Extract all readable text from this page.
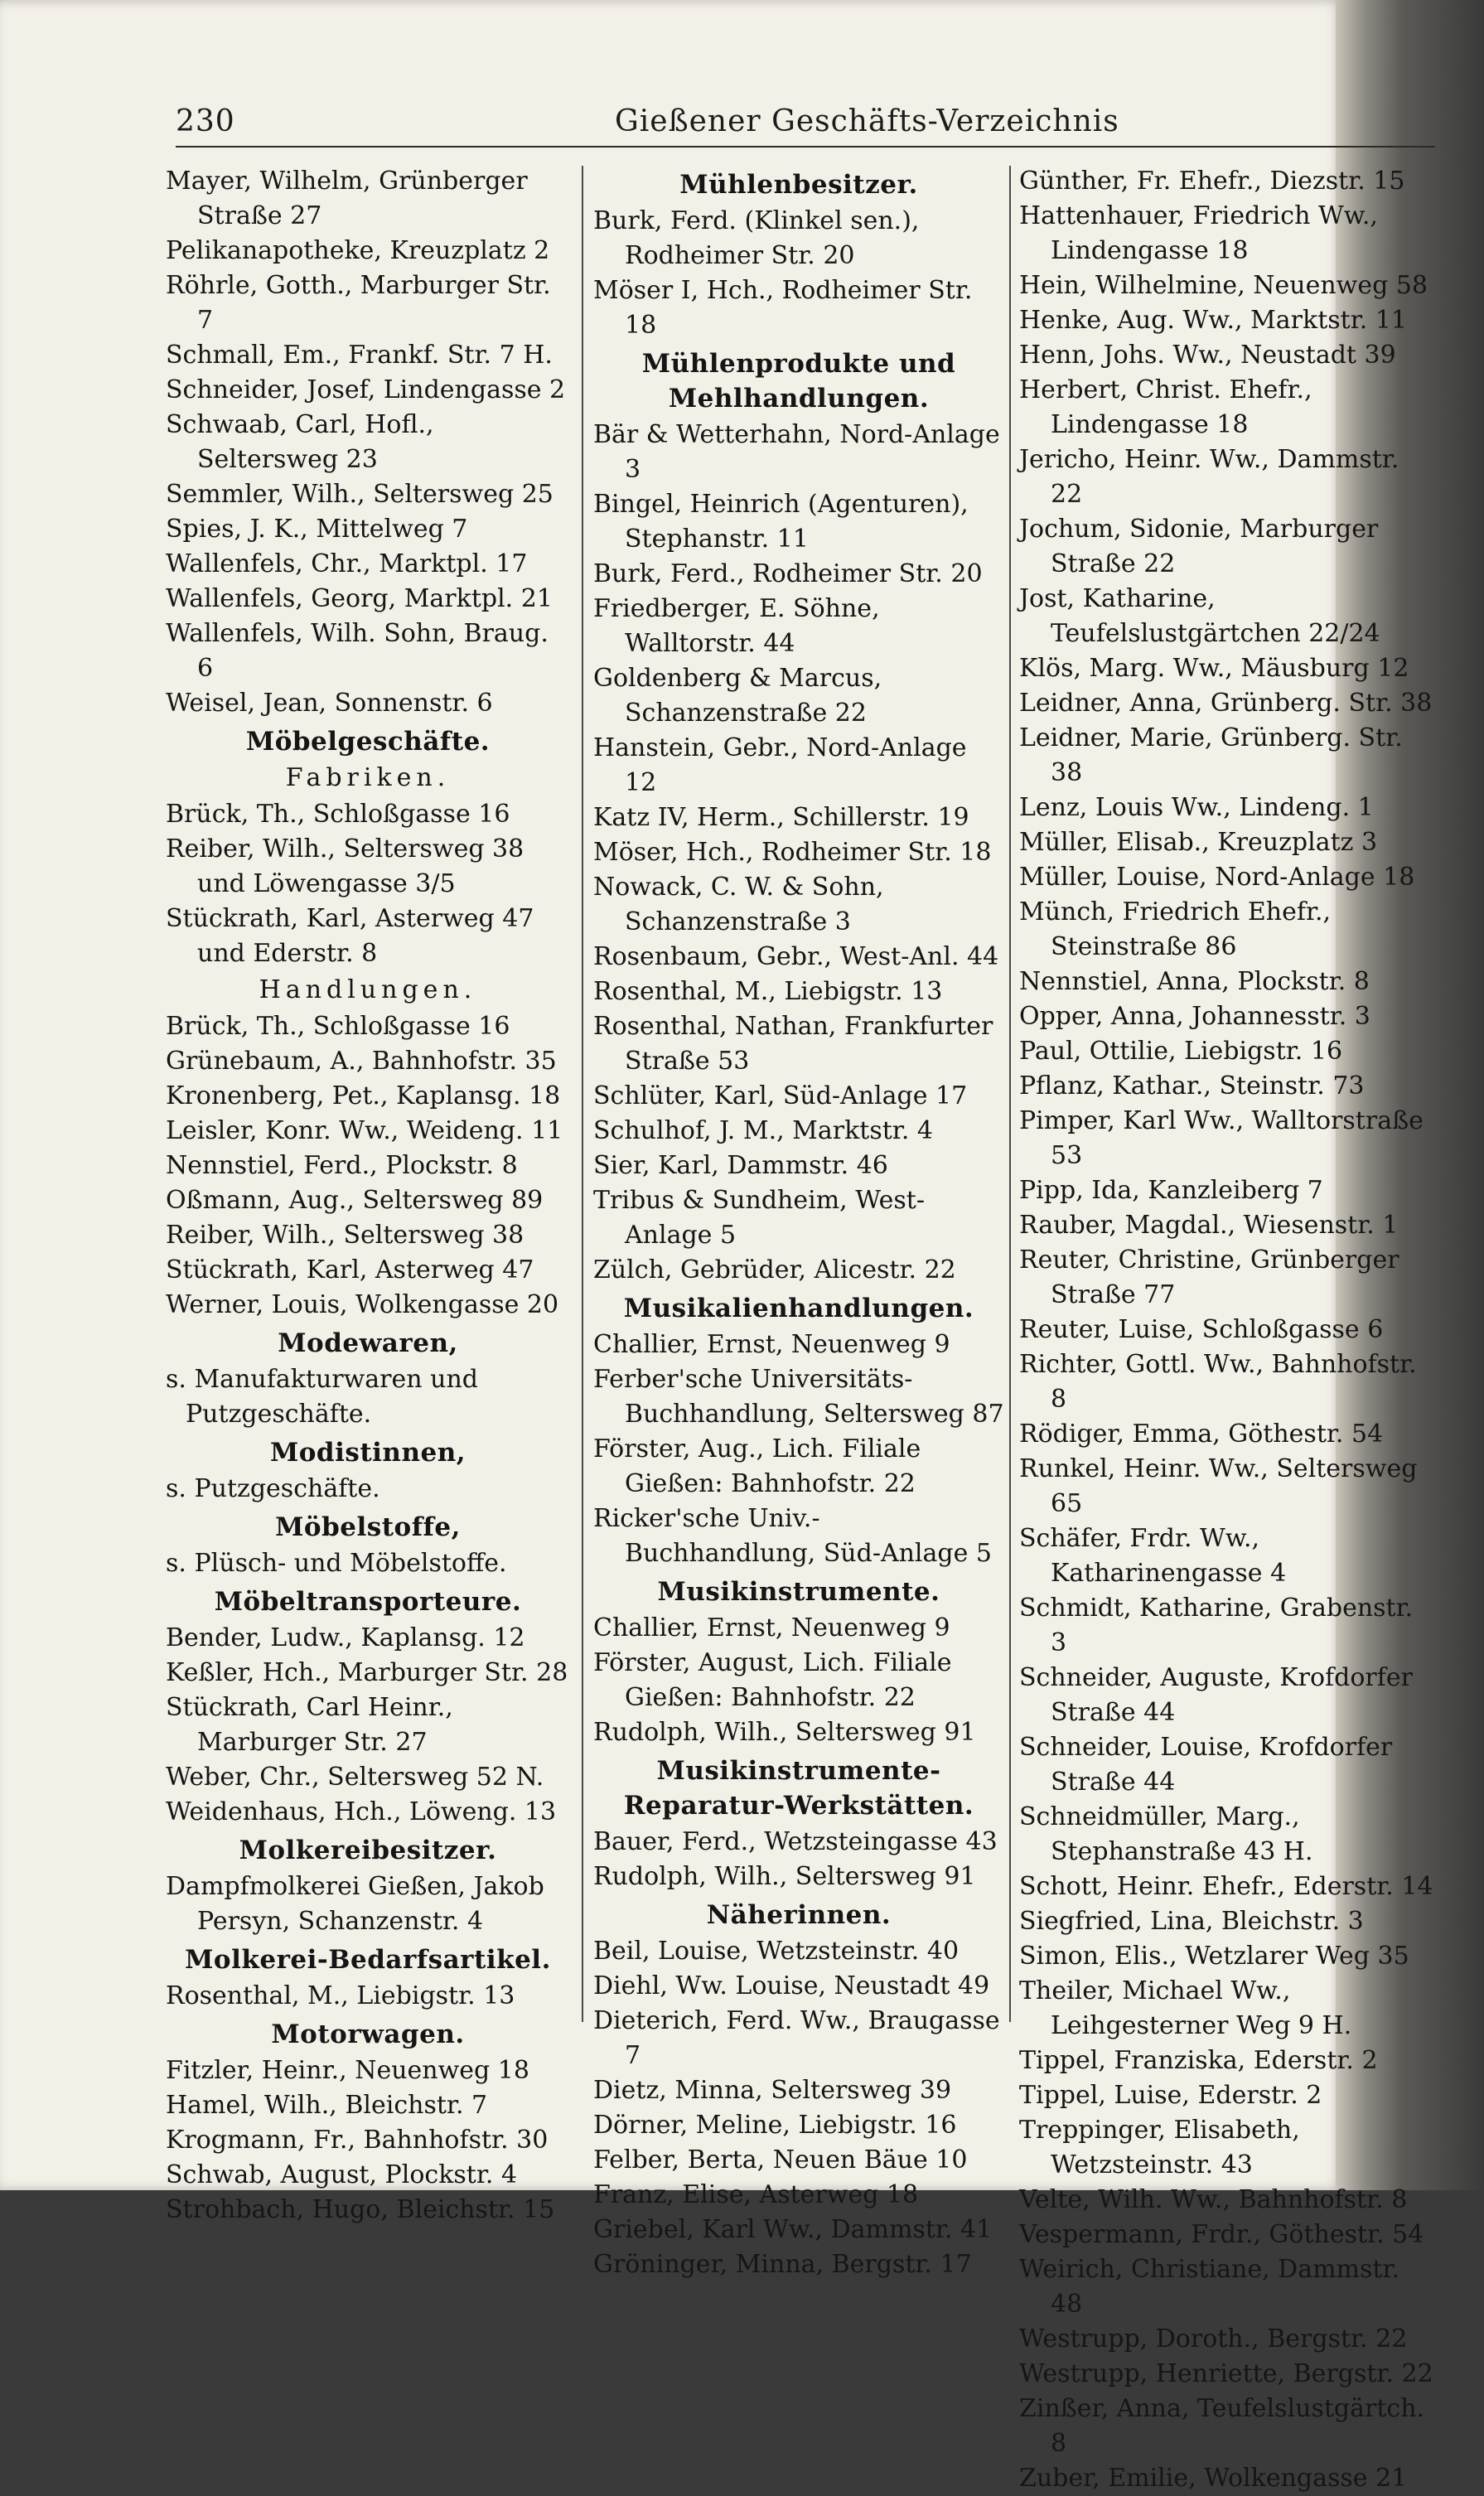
230	Gießener Geschäfts-Verzeichnis

Mayer, Wilhelm, Grünberger Straße 27

Pelikanapotheke, Kreuzplatz 2

Röhrle, Gotth., Marburger Str. 7

Schmall, Em., Frankf. Str. 7 H.

Schneider, Josef, Lindengasse 2

Schwaab, Carl, Hofl., Seltersweg 23

Semmler, Wilh., Seltersweg 25

Spies, J. K., Mittelweg 7

Wallenfels, Chr., Marktpl. 17

Wallenfels, Georg, Marktpl. 21

Wallenfels, Wilh. Sohn, Braug. 6

Weisel, Jean, Sonnenstr. 6

Möbelgeschäfte.

Fabriken.

Brück, Th., Schloßgasse 16

Reiber, Wilh., Seltersweg 38 und Löwengasse 3/5

Stückrath, Karl, Asterweg 47 und Ederstr. 8

Handlungen.

Brück, Th., Schloßgasse 16

Grünebaum, A., Bahnhofstr. 35

Kronenberg, Pet., Kaplansg. 18

Leisler, Konr. Ww., Weideng. 11

Nennstiel, Ferd., Plockstr. 8

Oßmann, Aug., Seltersweg 89

Reiber, Wilh., Seltersweg 38

Stückrath, Karl, Asterweg 47

Werner, Louis, Wolkengasse 20

Modewaren,

s. Manufakturwaren und Putzgeschäfte.

Modistinnen,

s. Putzgeschäfte.

Möbelstoffe,

s. Plüsch- und Möbelstoffe.

Möbeltransporteure.

Bender, Ludw., Kaplansg. 12

Keßler, Hch., Marburger Str. 28

Stückrath, Carl Heinr., Marburger Str. 27

Weber, Chr., Seltersweg 52 N.

Weidenhaus, Hch., Löweng. 13

Molkereibesitzer.

Dampfmolkerei Gießen, Jakob Persyn, Schanzenstr. 4

Molkerei-Bedarfsartikel.

Rosenthal, M., Liebigstr. 13

Motorwagen.

Fitzler, Heinr., Neuenweg 18

Hamel, Wilh., Bleichstr. 7

Krogmann, Fr., Bahnhofstr. 30

Schwab, August, Plockstr. 4

Strohbach, Hugo, Bleichstr. 15

Mühlenbesitzer.

Burk, Ferd. (Klinkel sen.), Rodheimer Str. 20

Möser I, Hch., Rodheimer Str. 18

Mühlenprodukte und Mehlhandlungen.

Bär & Wetterhahn, Nord-Anlage 3

Bingel, Heinrich (Agenturen), Stephanstr. 11

Burk, Ferd., Rodheimer Str. 20

Friedberger, E. Söhne, Walltorstr. 44

Goldenberg & Marcus, Schanzenstraße 22

Hanstein, Gebr., Nord-Anlage 12

Katz IV, Herm., Schillerstr. 19

Möser, Hch., Rodheimer Str. 18

Nowack, C. W. & Sohn, Schanzenstraße 3

Rosenbaum, Gebr., West-Anl. 44

Rosenthal, M., Liebigstr. 13

Rosenthal, Nathan, Frankfurter Straße 53

Schlüter, Karl, Süd-Anlage 17

Schulhof, J. M., Marktstr. 4

Sier, Karl, Dammstr. 46

Tribus & Sundheim, West-Anlage 5

Zülch, Gebrüder, Alicestr. 22

Musikalienhandlungen.

Challier, Ernst, Neuenweg 9

Ferber'sche Universitäts-Buchhandlung, Seltersweg 87

Förster, Aug., Lich. Filiale Gießen: Bahnhofstr. 22

Ricker'sche Univ.-Buchhandlung, Süd-Anlage 5

Musikinstrumente.

Challier, Ernst, Neuenweg 9

Förster, August, Lich. Filiale Gießen: Bahnhofstr. 22

Rudolph, Wilh., Seltersweg 91

Musikinstrumente-Reparatur-Werkstätten.

Bauer, Ferd., Wetzsteingasse 43

Rudolph, Wilh., Seltersweg 91

Näherinnen.

Beil, Louise, Wetzsteinstr. 40

Diehl, Ww. Louise, Neustadt 49

Dieterich, Ferd. Ww., Braugasse 7

Dietz, Minna, Seltersweg 39

Dörner, Meline, Liebigstr. 16

Felber, Berta, Neuen Bäue 10

Franz, Elise, Asterweg 18

Griebel, Karl Ww., Dammstr. 41

Gröninger, Minna, Bergstr. 17

Günther, Fr. Ehefr., Diezstr. 15

Hattenhauer, Friedrich Ww., Lindengasse 18

Hein, Wilhelmine, Neuenweg 58

Henke, Aug. Ww., Marktstr. 11

Henn, Johs. Ww., Neustadt 39

Herbert, Christ. Ehefr., Lindengasse 18

Jericho, Heinr. Ww., Dammstr. 22

Jochum, Sidonie, Marburger Straße 22

Jost, Katharine, Teufelslustgärtchen 22/24

Klös, Marg. Ww., Mäusburg 12

Leidner, Anna, Grünberg. Str. 38

Leidner, Marie, Grünberg. Str. 38

Lenz, Louis Ww., Lindeng. 1

Müller, Elisab., Kreuzplatz 3

Müller, Louise, Nord-Anlage 18

Münch, Friedrich Ehefr., Steinstraße 86

Nennstiel, Anna, Plockstr. 8

Opper, Anna, Johannesstr. 3

Paul, Ottilie, Liebigstr. 16

Pflanz, Kathar., Steinstr. 73

Pimper, Karl Ww., Walltorstraße 53

Pipp, Ida, Kanzleiberg 7

Rauber, Magdal., Wiesenstr. 1

Reuter, Christine, Grünberger Straße 77

Reuter, Luise, Schloßgasse 6

Richter, Gottl. Ww., Bahnhofstr. 8

Rödiger, Emma, Göthestr. 54

Runkel, Heinr. Ww., Seltersweg 65

Schäfer, Frdr. Ww., Katharinengasse 4

Schmidt, Katharine, Grabenstr. 3

Schneider, Auguste, Krofdorfer Straße 44

Schneider, Louise, Krofdorfer Straße 44

Schneidmüller, Marg., Stephanstraße 43 H.

Schott, Heinr. Ehefr., Ederstr. 14

Siegfried, Lina, Bleichstr. 3

Simon, Elis., Wetzlarer Weg 35

Theiler, Michael Ww., Leihgesterner Weg 9 H.

Tippel, Franziska, Ederstr. 2

Tippel, Luise, Ederstr. 2

Treppinger, Elisabeth, Wetzsteinstr. 43

Velte, Wilh. Ww., Bahnhofstr. 8

Vespermann, Frdr., Göthestr. 54

Weirich, Christiane, Dammstr. 48

Westrupp, Doroth., Bergstr. 22

Westrupp, Henriette, Bergstr. 22

Zinßer, Anna, Teufelslustgärtch. 8

Zuber, Emilie, Wolkengasse 21
